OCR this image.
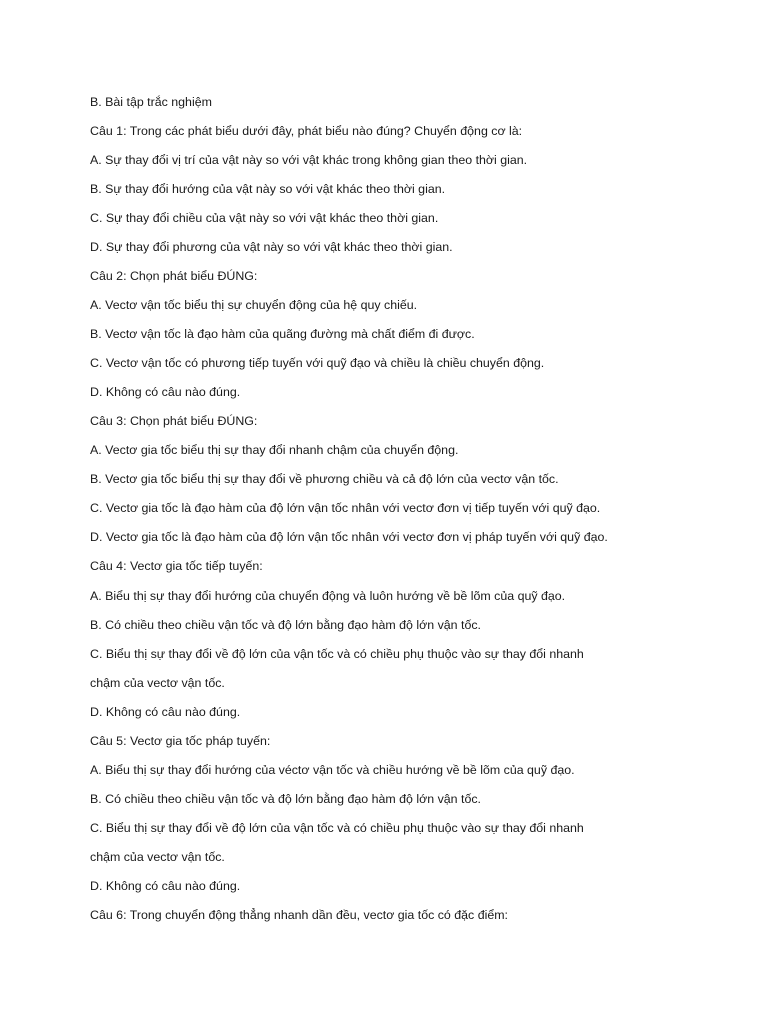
B. Bài tập trắc nghiệm
Câu 1: Trong các phát biểu dưới đây, phát biểu nào đúng? Chuyển động cơ là:
A. Sự thay đổi vị trí của vật này so với vật khác trong không gian theo thời gian.
B. Sự thay đổi hướng của vật này so với vật khác theo thời gian.
C. Sự thay đổi chiều của vật này so với vật khác theo thời gian.
D. Sự thay đổi phương của vật này so với vật khác theo thời gian.
Câu 2: Chọn phát biểu ĐÚNG:
A. Vectơ vận tốc biểu thị sự chuyển động của hệ quy chiếu.
B. Vectơ vận tốc là đạo hàm của quãng đường mà chất điểm đi được.
C. Vectơ vận tốc có phương tiếp tuyến với quỹ đạo và chiều là chiều chuyển động.
D. Không có câu nào đúng.
Câu 3: Chọn phát biểu ĐÚNG:
A. Vectơ gia tốc biểu thị sự thay đổi nhanh chậm của chuyển động.
B. Vectơ gia tốc biểu thị sự thay đổi về phương chiều và cả độ lớn của vectơ vận tốc.
C. Vectơ gia tốc là đạo hàm của độ lớn vận tốc nhân với vectơ đơn vị tiếp tuyến với quỹ đạo.
D. Vectơ gia tốc là đạo hàm của độ lớn vận tốc nhân với vectơ đơn vị pháp tuyến với quỹ đạo.
Câu 4: Vectơ gia tốc tiếp tuyến:
A. Biểu thị sự thay đổi hướng của chuyển động và luôn hướng về bề lõm của quỹ đạo.
B. Có chiều theo chiều vận tốc và độ lớn bằng đạo hàm độ lớn vận tốc.
C. Biểu thị sự thay đổi về độ lớn của vận tốc và có chiều phụ thuộc vào sự thay đổi nhanh
chậm của vectơ vận tốc.
D. Không có câu nào đúng.
Câu 5: Vectơ gia tốc pháp tuyến:
A. Biểu thị sự thay đổi hướng của véctơ vận tốc và chiều hướng về bề lõm của quỹ đạo.
B. Có chiều theo chiều vận tốc và độ lớn bằng đạo hàm độ lớn vận tốc.
C. Biểu thị sự thay đổi về độ lớn của vận tốc và có chiều phụ thuộc vào sự thay đổi nhanh
chậm của vectơ vận tốc.
D. Không có câu nào đúng.
Câu 6: Trong chuyển động thẳng nhanh dần đều, vectơ gia tốc có đặc điểm:
